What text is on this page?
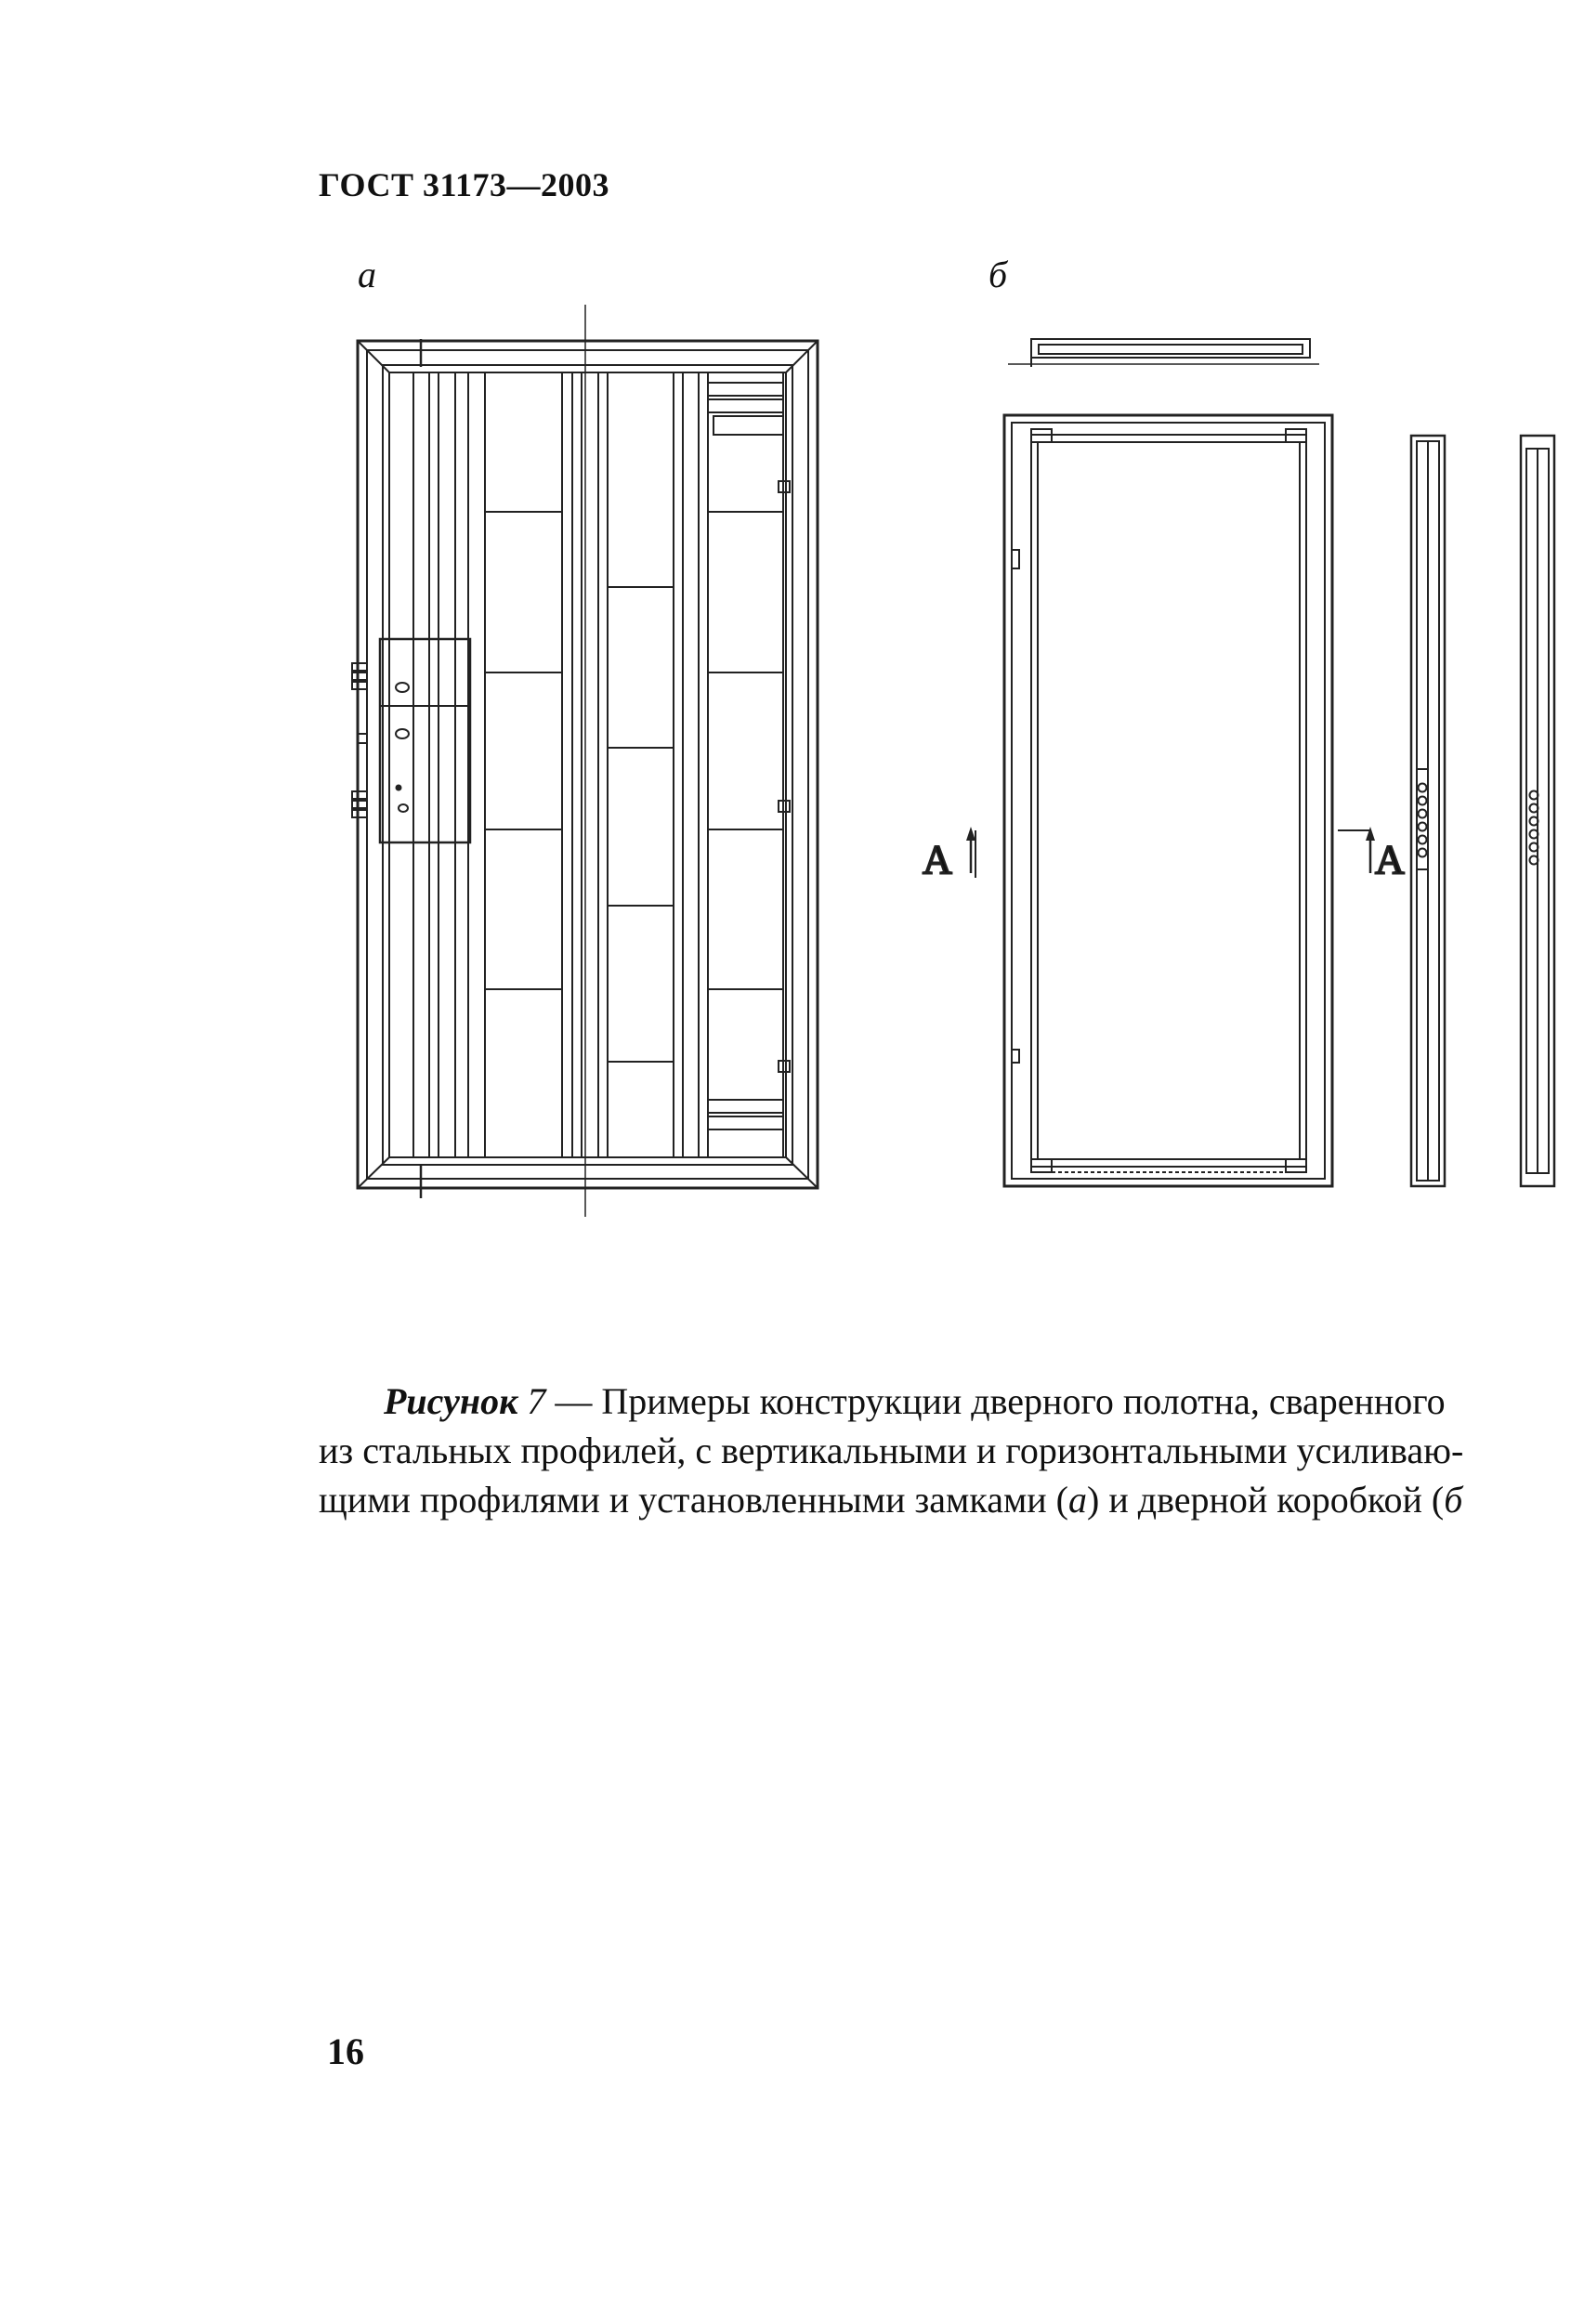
ГОСТ 31173—2003
а	б
А	А
Рисунок 7 — Примеры конструкции дверного полотна, сваренного
из стальных профилей, с вертикальными и горизонтальными усиливаю-
щими профилями и установленными замками (а) и дверной коробкой (б
16
